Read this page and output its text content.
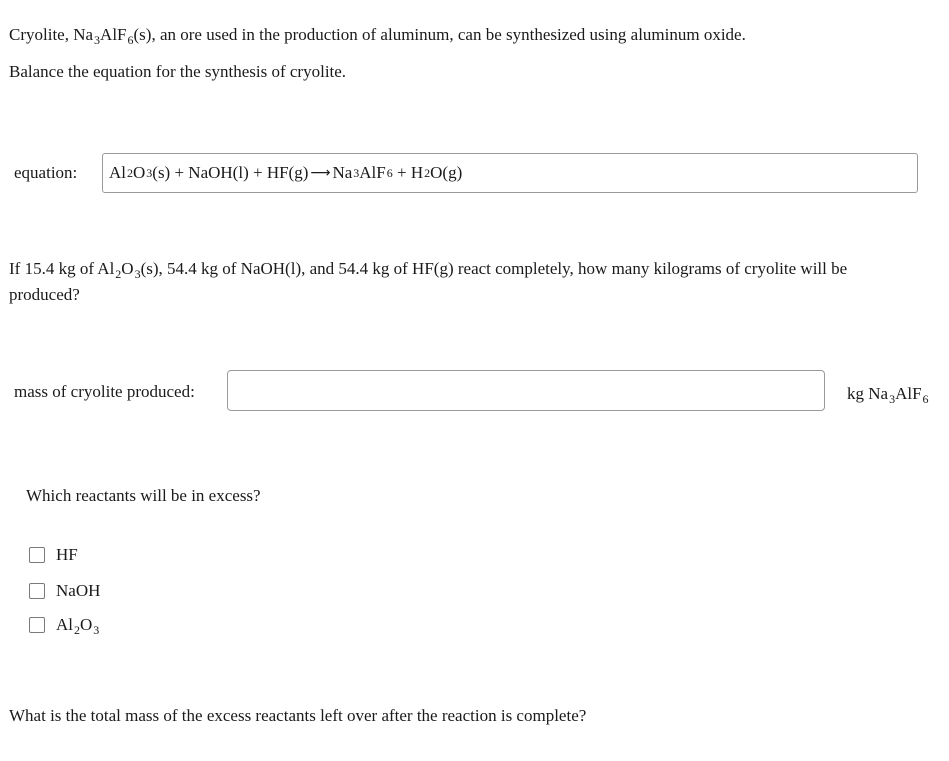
Cryolite, $Na_3AlF_6(s)$, an ore used in the production of aluminum, can be synthesized using aluminum oxide.
Balance the equation for the synthesis of cryolite.
equation: Al 2 O 3 (s) + NaOH(l) + HF(g) ⟶ Na 3 AlF 6 + H 2 O(g)
If 15.4 kg of $Al_2O_3(s)$, 54.4 kg of NaOH(l), and 54.4 kg of HF(g) react completely, how many kilograms of cryolite will be produced?
mass of cryolite produced:	kg $Na_3AlF_6$
Which reactants will be in excess?
HF
NaOH
$Al_2O_3$
What is the total mass of the excess reactants left over after the reaction is complete?
